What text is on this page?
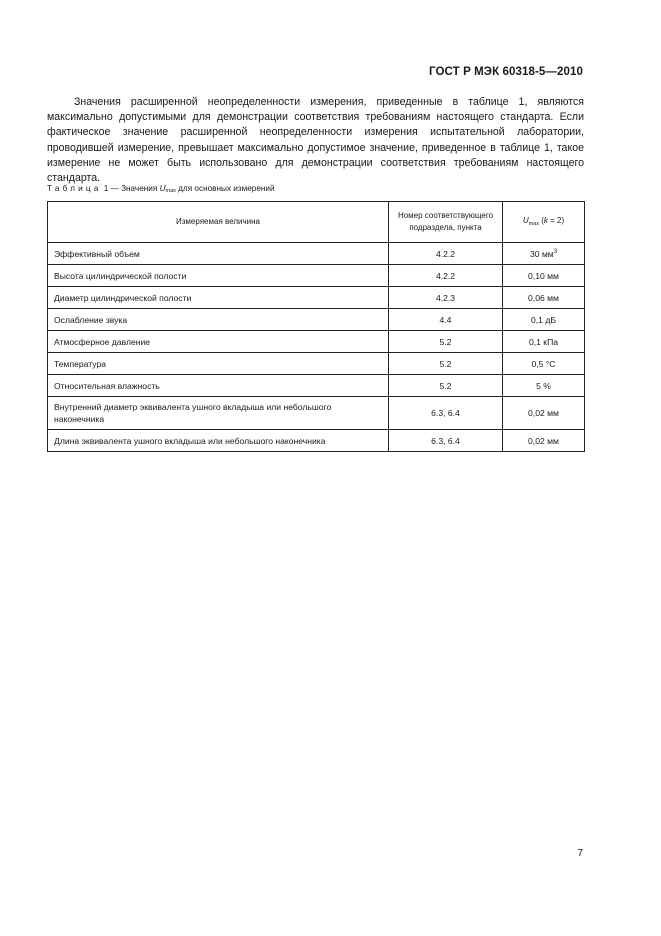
ГОСТ Р МЭК 60318-5—2010

Значения расширенной неопределенности измерения, приведенные в таблице 1, являются максимально допустимыми для демонстрации соответствия требованиям настоящего стандарта. Если фактическое значение расширенной неопределенности измерения испытательной лаборатории, проводившей измерение, превышает максимально допустимое значение, приведенное в таблице 1, такое измерение не может быть использовано для демонстрации соответствия требованиям настоящего стандарта.

Таблица 1 — Значения $U_{max}$ для основных измерений
Измеряемая величина	Номер соответствующего подраздела, пункта	$U_{max}$ (k = 2)
Эффективный объем	4.2.2	30 $мм^3$
Высота цилиндрической полости	4.2.2	0,10 мм
Диаметр цилиндрической полости	4.2.3	0,06 мм
Ослабление звука	4.4	0,1 дБ
Атмосферное давление	5.2	0,1 кПа
Температура	5.2	0,5 °С
Относительная влажность	5.2	5 %
Внутренний диаметр эквивалента ушного вкладыша или небольшого наконечника	6.3, 6.4	0,02 мм
Длина эквивалента ушного вкладыша или небольшого наконечника	6.3, 6.4	0,02 мм
7
